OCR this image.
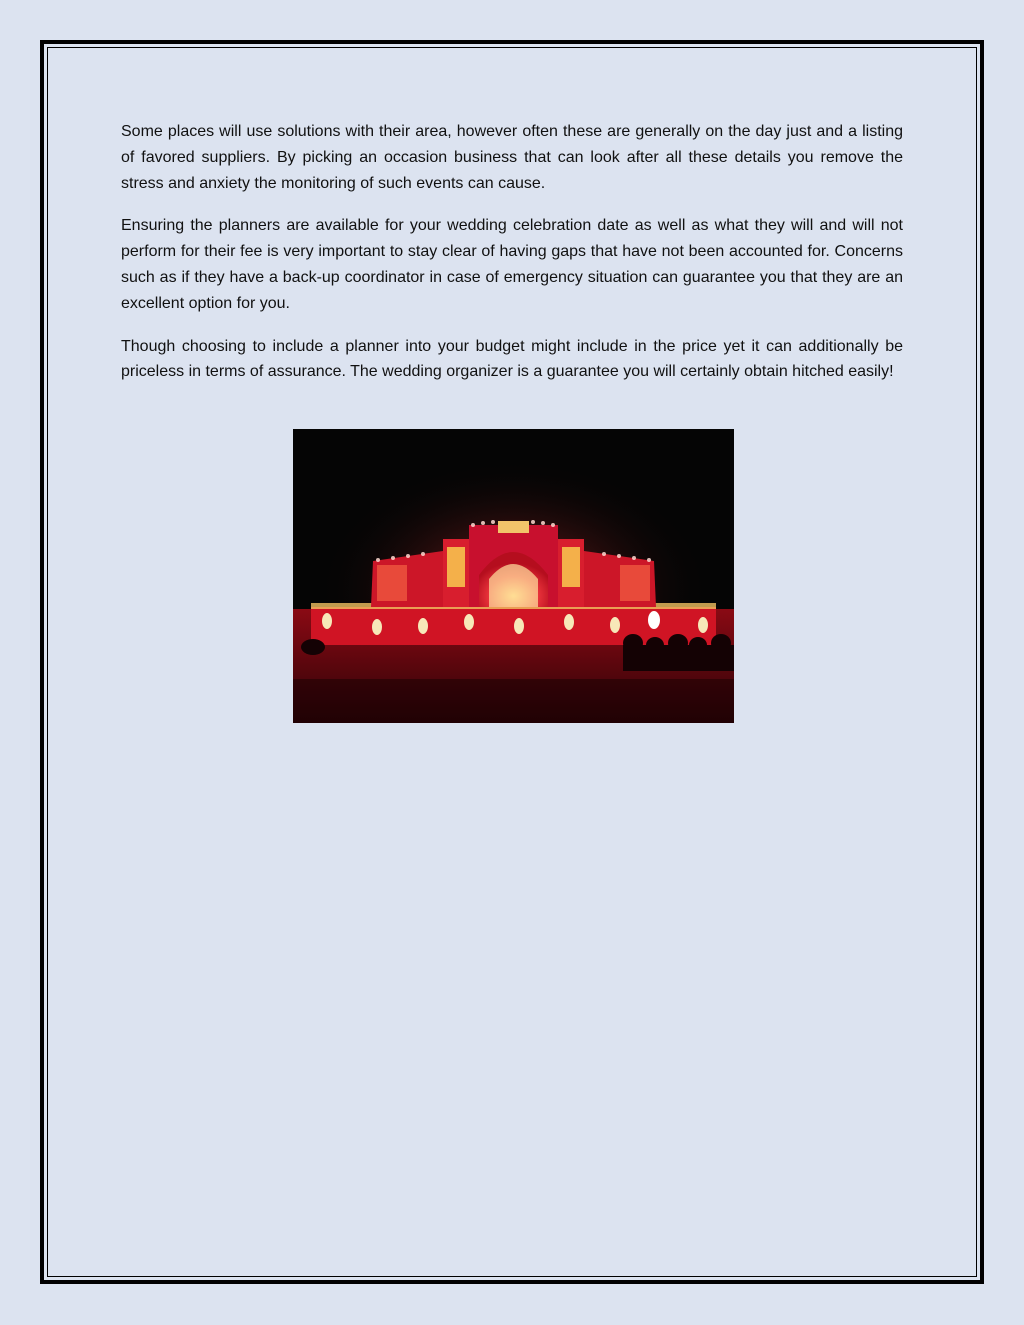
Some places will use solutions with their area, however often these are generally on the day just and a listing of favored suppliers. By picking an occasion business that can look after all these details you remove the stress and anxiety the monitoring of such events can cause.

Ensuring the planners are available for your wedding celebration date as well as what they will and will not perform for their fee is very important to stay clear of having gaps that have not been accounted for. Concerns such as if they have a back-up coordinator in case of emergency situation can guarantee you that they are an excellent option for you.

Though choosing to include a planner into your budget might include in the price yet it can additionally be priceless in terms of assurance. The wedding organizer is a guarantee you will certainly obtain hitched easily!
